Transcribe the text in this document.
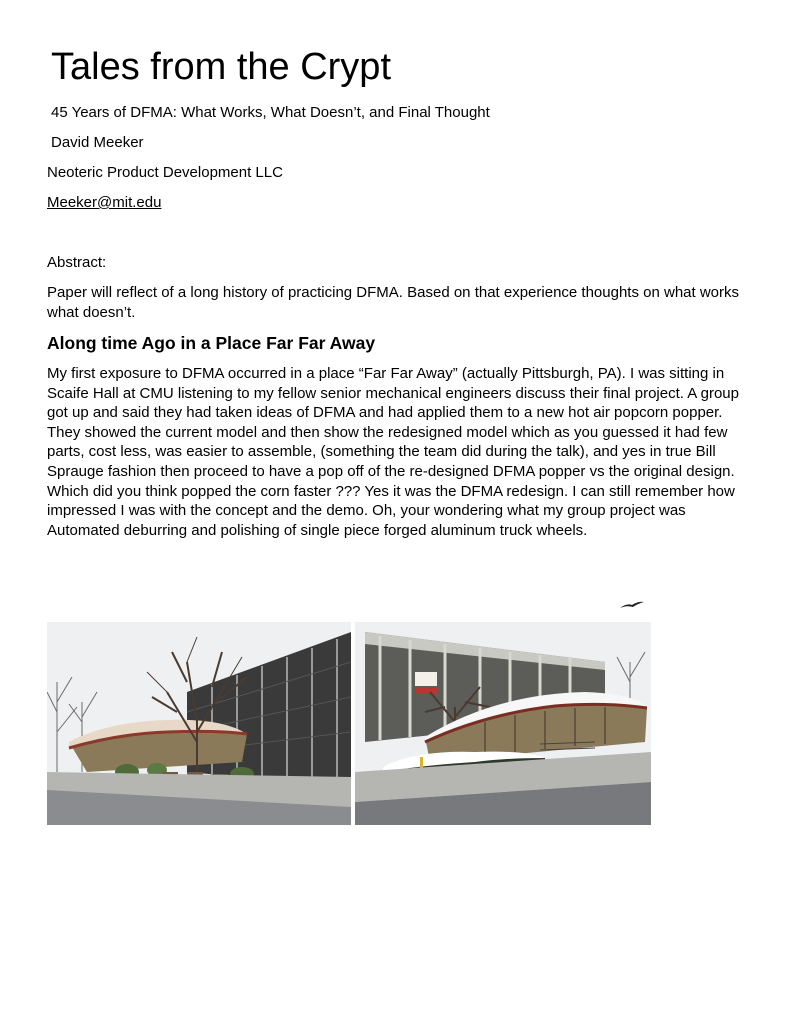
Tales from the Crypt

45 Years of DFMA: What Works, What Doesn’t, and Final Thought

David Meeker

Neoteric Product Development LLC

Meeker@mit.edu

Abstract:

Paper will reflect of a long history of practicing DFMA. Based on that experience thoughts on what works what doesn’t.

Along time Ago in a Place Far Far Away

My first exposure to DFMA occurred in a place “Far Far Away” (actually Pittsburgh, PA). I was sitting in Scaife Hall at CMU listening to my fellow senior mechanical engineers discuss their final project. A group got up and said they had taken ideas of DFMA and had applied them to a new hot air popcorn popper. They showed the current model and then show the redesigned model which as you guessed it had few parts, cost less, was easier to assemble, (something the team did during the talk), and yes in true Bill Sprauge fashion then proceed to have a pop off of the re-designed DFMA popper vs the original design. Which did you think popped the corn faster ??? Yes it was the DFMA redesign. I can still remember how impressed I was with the concept and the demo. Oh, your wondering what my group project was Automated deburring and polishing of single piece forged aluminum truck wheels.
